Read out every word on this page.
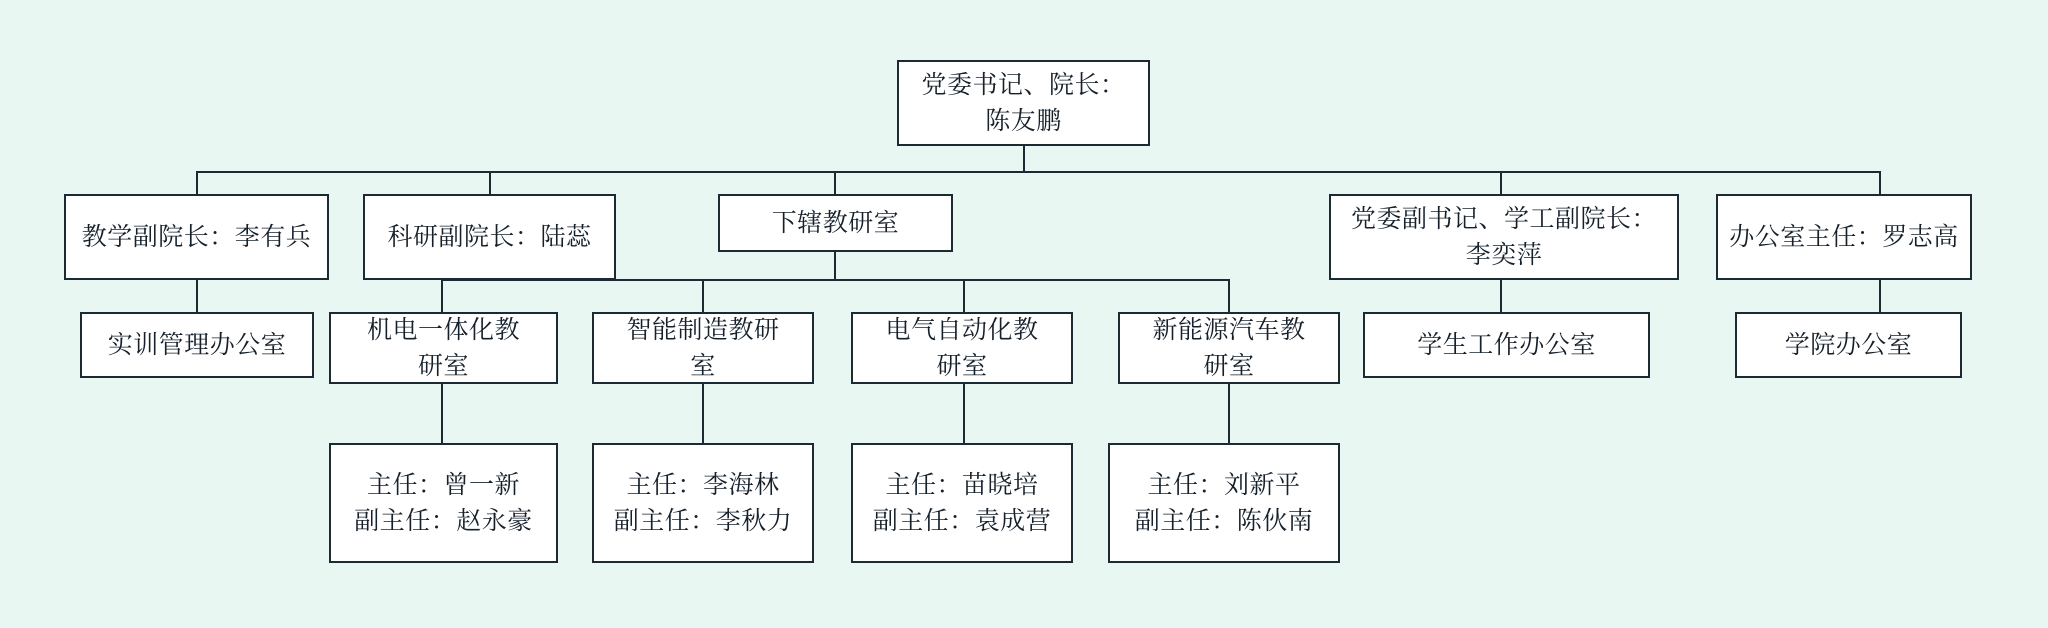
党委书记、院长：
陈友鹏
教学副院长：李有兵	科研副院长：陆蕊	下辖教研室	党委副书记、学工副院长：
李奕萍
办公室主任：罗志高
实训管理办公室
机电一体化教
研室
智能制造教研
室
电气自动化教
研室
新能源汽车教
研室
学生工作办公室	学院办公室
主任：曾一新
副主任：赵永豪
主任：李海林
副主任：李秋力
主任：苗晓培
副主任：袁成营
主任：刘新平
副主任：陈伙南
